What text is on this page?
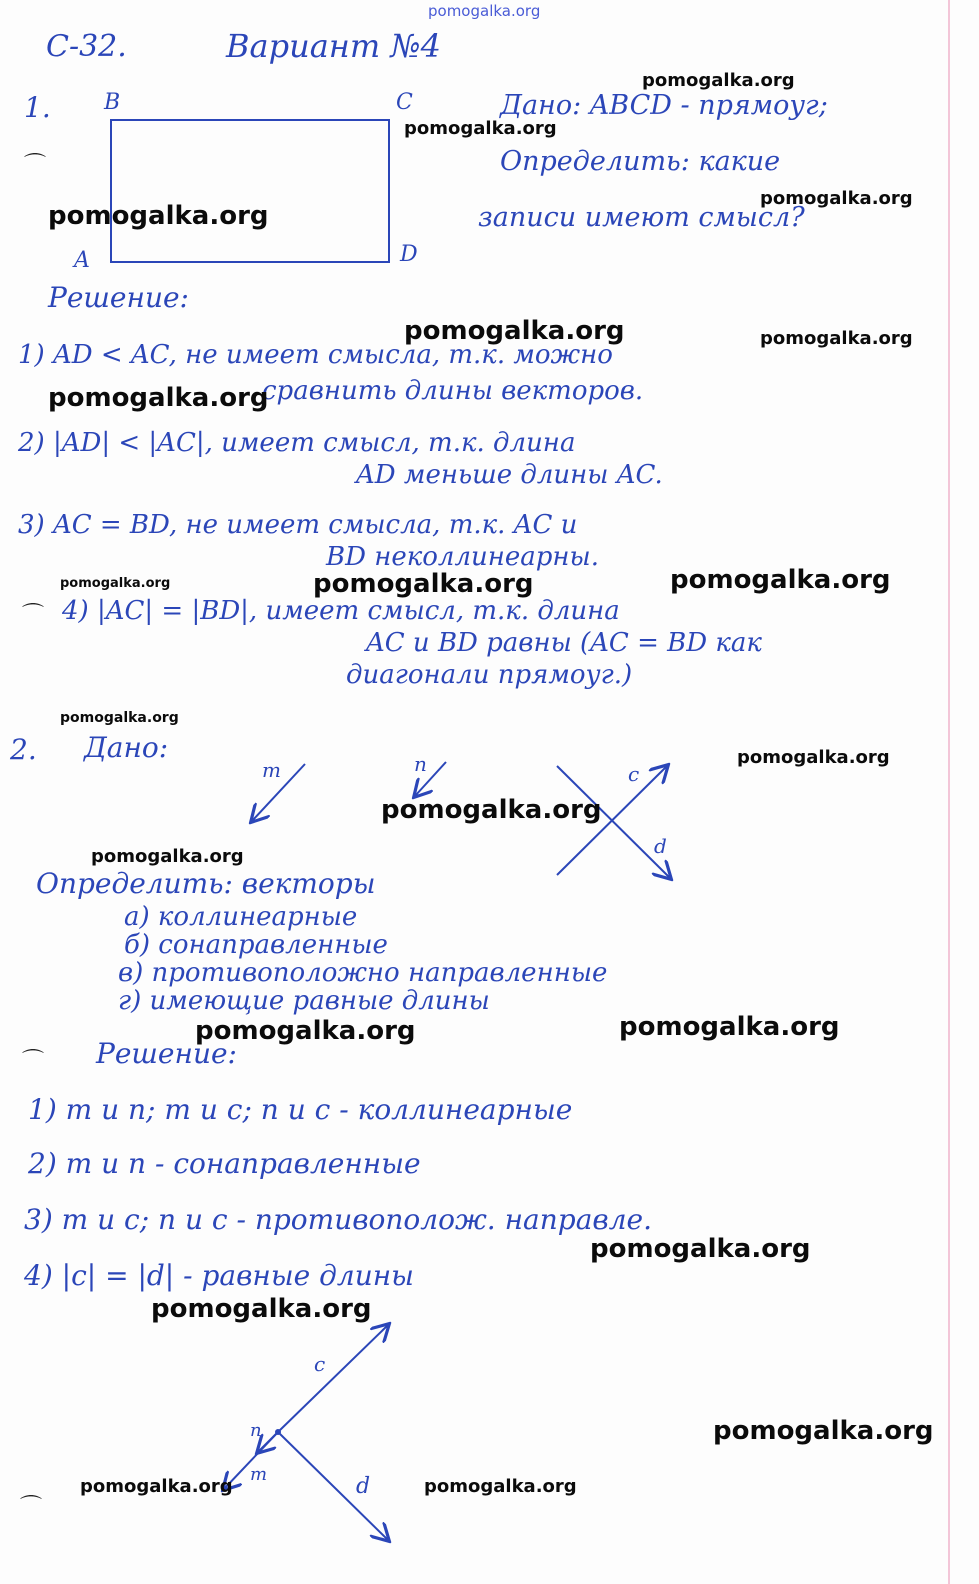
С-32.	Вариант №4
1. B	C
A	D
Дано: ABCD - прямоуг;
Определить: какие
записи имеют смысл?
⌒
Решение:
1) AD < AC, не имеет смысла, т.к. можно
сравнить длины векторов.
2) |AD| < |AC|, имеет смысл, т.к. длина
AD меньше длины AC.
3) AC = BD, не имеет смысла, т.к. AC и
BD неколлинеарны.
⌒ 4) |AC| = |BD|, имеет смысл, т.к. длина
AC и BD равны (AC = BD как
диагонали прямоуг.)
2. Дано:
m	n	c
d
Определить: векторы
а) коллинеарные
б) сонаправленные
в) противоположно направленные
г) имеющие равные длины
⌒ Решение:
1) m и n; m и c; n и c - коллинеарные
2) m и n - сонаправленные
3) m и c; n и c - противополож. направле.
4) |c| = |d| - равные длины
c
d
n
m
⌒
pomogalka.org
pomogalka.org
pomogalka.org
pomogalka.org
pomogalka.org
pomogalka.org	pomogalka.org
pomogalka.org
pomogalka.org	pomogalka.org	pomogalka.org
pomogalka.org
pomogalka.org
pomogalka.org
pomogalka.org
pomogalka.org	pomogalka.org
pomogalka.org
pomogalka.org
pomogalka.org
pomogalka.org	pomogalka.org
